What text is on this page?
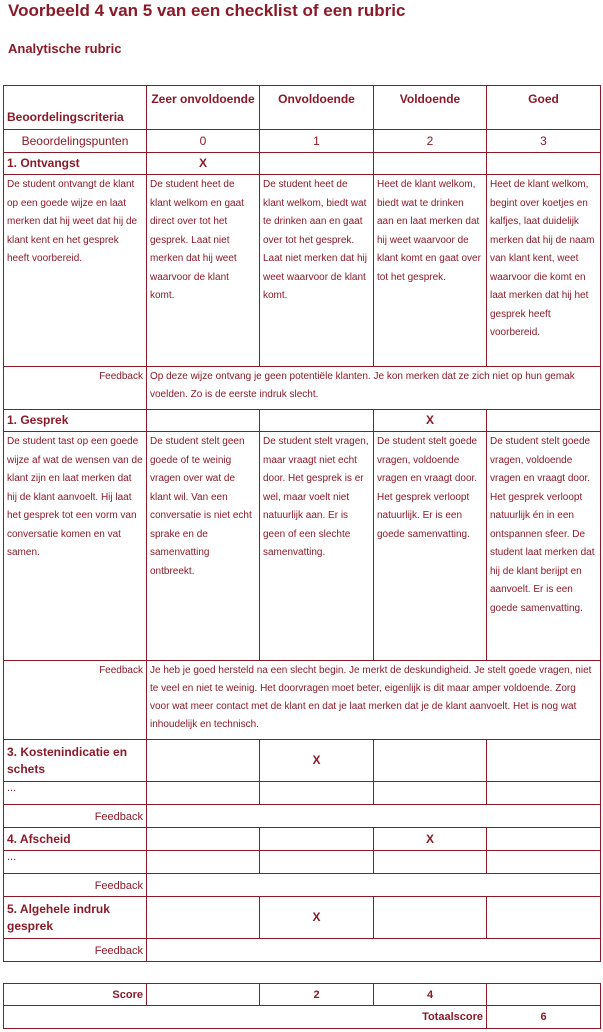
Voorbeeld 4 van 5 van een checklist of een rubric
Analytische rubric
Beoordelingscriteria	Zeer onvoldoende	Onvoldoende	Voldoende	Goed
Beoordelingspunten	0	1	2	3
1. Ontvangst	X			
De student ontvangt de klant op een goede wijze en laat merken dat hij weet dat hij de klant kent en het gesprek heeft voorbereid.	De student heet de klant welkom en gaat direct over tot het gesprek. Laat niet merken dat hij weet waarvoor de klant komt.	De student heet de klant welkom, biedt wat te drinken aan en gaat over tot het gesprek. Laat niet merken dat hij weet waarvoor de klant komt.	Heet de klant welkom, biedt wat te drinken aan en laat merken dat hij weet waarvoor de klant komt en gaat over tot het gesprek.	Heet de klant welkom, begint over koetjes en kalfjes, laat duidelijk merken dat hij de naam van klant kent, weet waarvoor die komt en laat merken dat hij het gesprek heeft voorbereid.
Feedback	Op deze wijze ontvang je geen potentiële klanten. Je kon merken dat ze zich niet op hun gemak voelden. Zo is de eerste indruk slecht.			
1. Gesprek			X	
De student tast op een goede wijze af wat de wensen van de klant zijn en laat merken dat hij de klant aanvoelt. Hij laat het gesprek tot een vorm van conversatie komen en vat samen.	De student stelt geen goede of te weinig vragen over wat de klant wil. Van een conversatie is niet echt sprake en de samenvatting ontbreekt.	De student stelt vragen, maar vraagt niet echt door. Het gesprek is er wel, maar voelt niet natuurlijk aan. Er is geen of een slechte samenvatting.	De student stelt goede vragen, voldoende vragen en vraagt door. Het gesprek verloopt natuurlijk. Er is een goede samenvatting.	De student stelt goede vragen, voldoende vragen en vraagt door. Het gesprek verloopt natuurlijk én in een ontspannen sfeer. De student laat merken dat hij de klant berijpt en aanvoelt. Er is een goede samenvatting.
Feedback	Je heb je goed hersteld na een slecht begin. Je merkt de deskundigheid. Je stelt goede vragen, niet te veel en niet te weinig. Het doorvragen moet beter, eigenlijk is dit maar amper voldoende. Zorg voor wat meer contact met de klant en dat je laat merken dat je de klant aanvoelt. Het is nog wat inhoudelijk en technisch.			
3. Kostenindicatie en schets		X		
...				
Feedback				
4. Afscheid			X	
...				
Feedback				
5. Algehele indruk gesprek		X		
Feedback				
Score		2	4	
Totaalscore				6
